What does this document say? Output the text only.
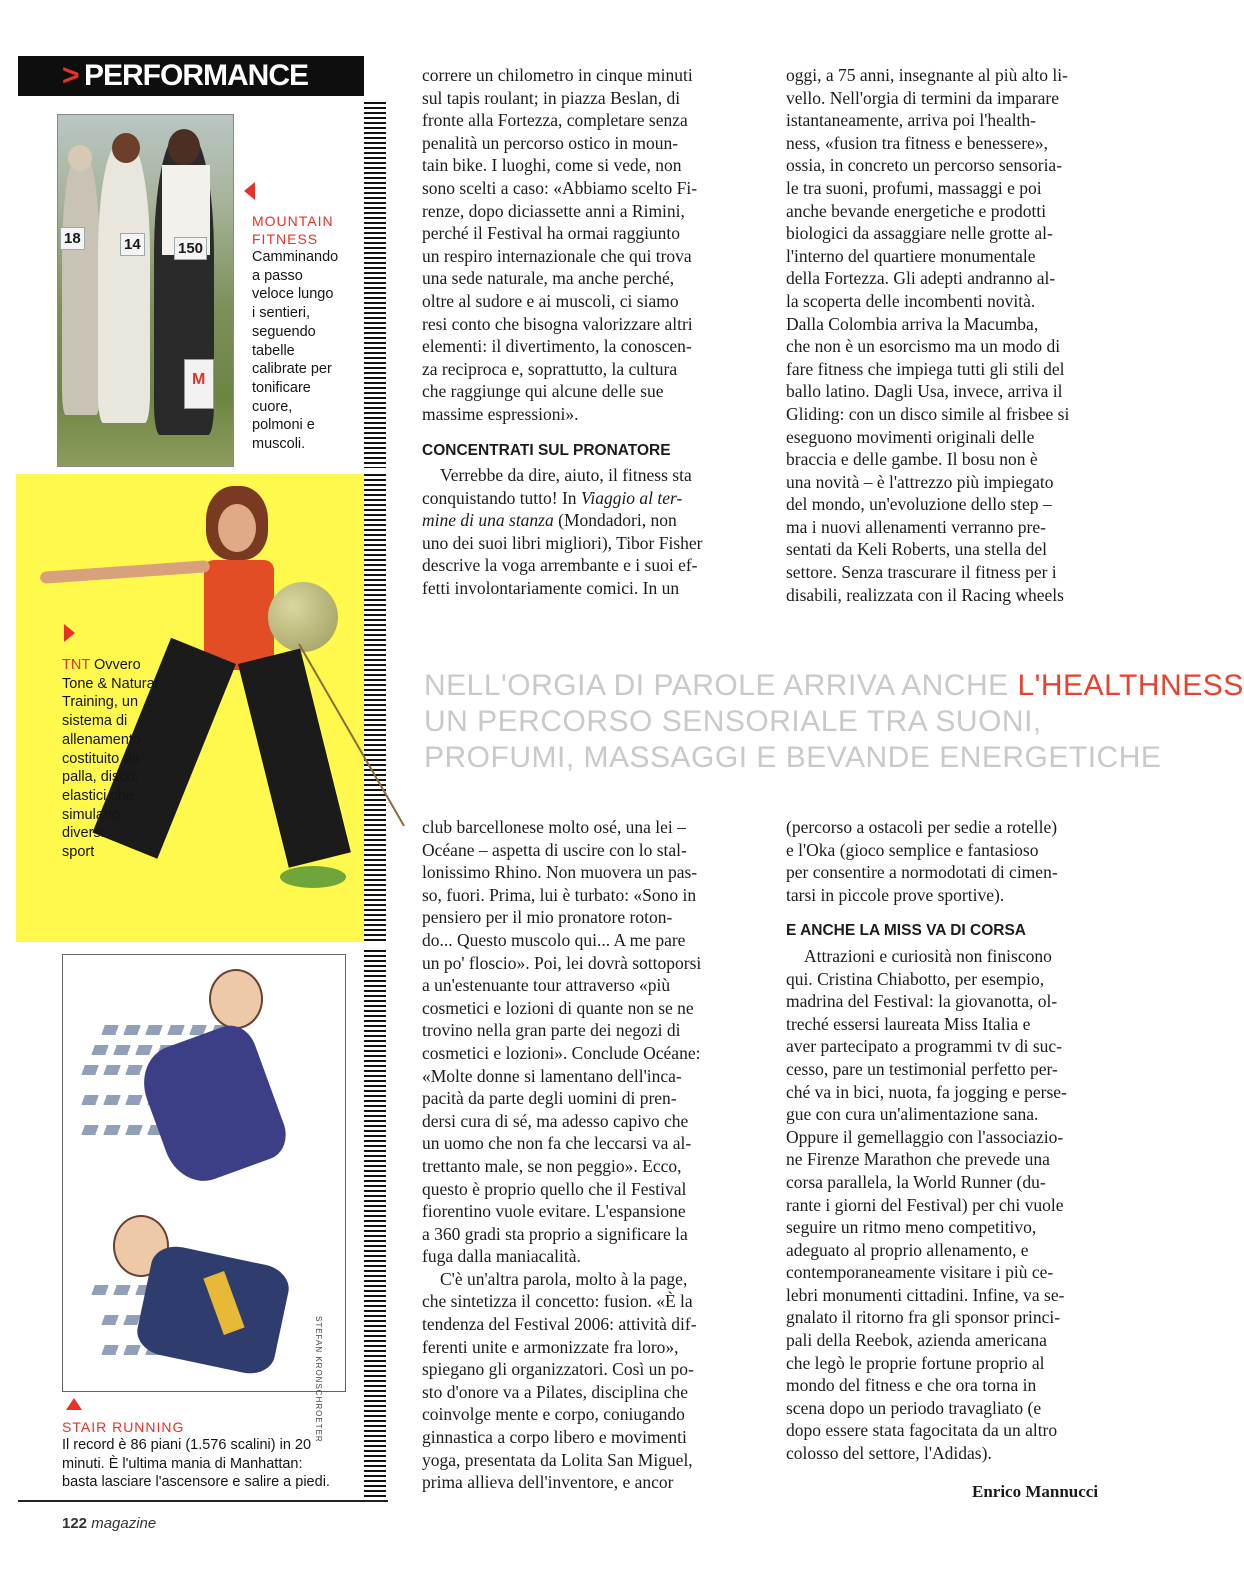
> PERFORMANCE
18	14 150
M
MOUNTAIN
FITNESS
Camminando
a passo
veloce lungo
i sentieri,
seguendo
tabelle
calibrate per
tonificare
cuore,
polmoni e
muscoli.
TNT Ovvero
Tone & Natural
Training, un
sistema di
allenamento
costituito da
palla, disco,
elastici che
simulano
diversi
sport
STEFAN KRONSCHROETER
STAIR RUNNING
Il record è 86 piani (1.576 scalini) in 20
minuti. È l'ultima mania di Manhattan:
basta lasciare l'ascensore e salire a piedi.
correre un chilometro in cinque minuti
sul tapis roulant; in piazza Beslan, di
fronte alla Fortezza, completare senza
penalità un percorso ostico in moun-
tain bike. I luoghi, come si vede, non
sono scelti a caso: «Abbiamo scelto Fi-
renze, dopo diciassette anni a Rimini,
perché il Festival ha ormai raggiunto
un respiro internazionale che qui trova
una sede naturale, ma anche perché,
oltre al sudore e ai muscoli, ci siamo
resi conto che bisogna valorizzare altri
elementi: il divertimento, la conoscen-
za reciproca e, soprattutto, la cultura
che raggiunge qui alcune delle sue
massime espressioni».
CONCENTRATI SUL PRONATORE
Verrebbe da dire, aiuto, il fitness sta
conquistando tutto! In Viaggio al ter-
mine di una stanza (Mondadori, non
uno dei suoi libri migliori), Tibor Fisher
descrive la voga arrembante e i suoi ef-
fetti involontariamente comici. In un
oggi, a 75 anni, insegnante al più alto li-
vello. Nell'orgia di termini da imparare
istantaneamente, arriva poi l'health-
ness, «fusion tra fitness e benessere»,
ossia, in concreto un percorso sensoria-
le tra suoni, profumi, massaggi e poi
anche bevande energetiche e prodotti
biologici da assaggiare nelle grotte al-
l'interno del quartiere monumentale
della Fortezza. Gli adepti andranno al-
la scoperta delle incombenti novità.
Dalla Colombia arriva la Macumba,
che non è un esorcismo ma un modo di
fare fitness che impiega tutti gli stili del
ballo latino. Dagli Usa, invece, arriva il
Gliding: con un disco simile al frisbee si
eseguono movimenti originali delle
braccia e delle gambe. Il bosu non è
una novità – è l'attrezzo più impiegato
del mondo, un'evoluzione dello step –
ma i nuovi allenamenti verranno pre-
sentati da Keli Roberts, una stella del
settore. Senza trascurare il fitness per i
disabili, realizzata con il Racing wheels
NELL'ORGIA DI PAROLE ARRIVA ANCHE L'HEALTHNESS
UN PERCORSO SENSORIALE TRA SUONI,
PROFUMI, MASSAGGI E BEVANDE ENERGETICHE
club barcellonese molto osé, una lei –
Océane – aspetta di uscire con lo stal-
lonissimo Rhino. Non muovera un pas-
so, fuori. Prima, lui è turbato: «Sono in
pensiero per il mio pronatore roton-
do... Questo muscolo qui... A me pare
un po' floscio». Poi, lei dovrà sottoporsi
a un'estenuante tour attraverso «più
cosmetici e lozioni di quante non se ne
trovino nella gran parte dei negozi di
cosmetici e lozioni». Conclude Océane:
«Molte donne si lamentano dell'inca-
pacità da parte degli uomini di pren-
dersi cura di sé, ma adesso capivo che
un uomo che non fa che leccarsi va al-
trettanto male, se non peggio». Ecco,
questo è proprio quello che il Festival
fiorentino vuole evitare. L'espansione
a 360 gradi sta proprio a significare la
fuga dalla maniacalità.
C'è un'altra parola, molto à la page,
che sintetizza il concetto: fusion. «È la
tendenza del Festival 2006: attività dif-
ferenti unite e armonizzate fra loro»,
spiegano gli organizzatori. Così un po-
sto d'onore va a Pilates, disciplina che
coinvolge mente e corpo, coniugando
ginnastica a corpo libero e movimenti
yoga, presentata da Lolita San Miguel,
prima allieva dell'inventore, e ancor
(percorso a ostacoli per sedie a rotelle)
e l'Oka (gioco semplice e fantasioso
per consentire a normodotati di cimen-
tarsi in piccole prove sportive).
E ANCHE LA MISS VA DI CORSA
Attrazioni e curiosità non finiscono
qui. Cristina Chiabotto, per esempio,
madrina del Festival: la giovanotta, ol-
treché essersi laureata Miss Italia e
aver partecipato a programmi tv di suc-
cesso, pare un testimonial perfetto per-
ché va in bici, nuota, fa jogging e perse-
gue con cura un'alimentazione sana.
Oppure il gemellaggio con l'associazio-
ne Firenze Marathon che prevede una
corsa parallela, la World Runner (du-
rante i giorni del Festival) per chi vuole
seguire un ritmo meno competitivo,
adeguato al proprio allenamento, e
contemporaneamente visitare i più ce-
lebri monumenti cittadini. Infine, va se-
gnalato il ritorno fra gli sponsor princi-
pali della Reebok, azienda americana
che legò le proprie fortune proprio al
mondo del fitness e che ora torna in
scena dopo un periodo travagliato (e
dopo essere stata fagocitata da un altro
colosso del settore, l'Adidas).
Enrico Mannucci
122 magazine
